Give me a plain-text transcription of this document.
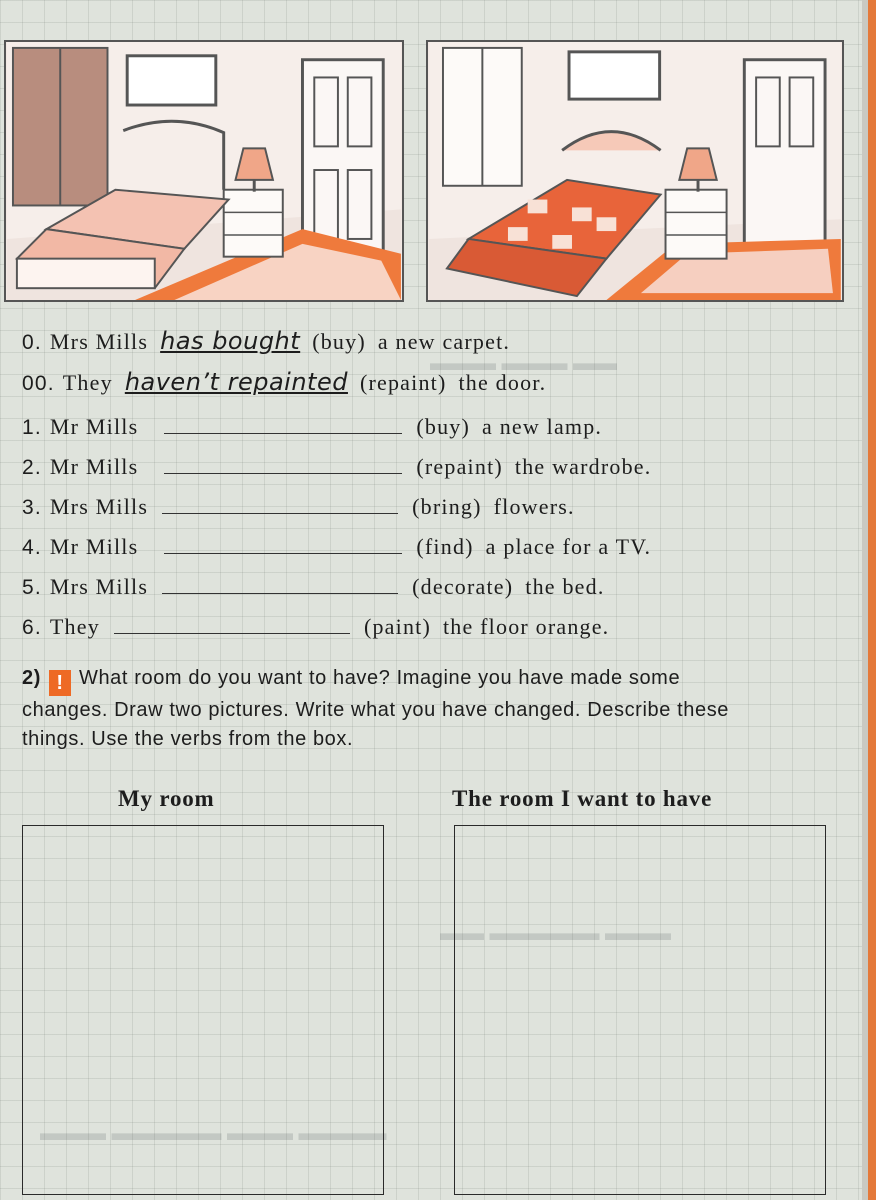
▬▬ ▬▬▬ ▬▬▬
▬▬▬ ▬▬▬▬▬ ▬▬
▬▬▬▬ ▬▬▬ ▬▬▬▬▬ ▬▬▬
0. Mrs Mills has bought (buy) a new carpet.
00. They haven’t repainted (repaint) the door.
1. Mr Mills	(buy) a new lamp.
2. Mr Mills	(repaint) the wardrobe.
3. Mrs Mills	(bring) flowers.
4. Mr Mills	(find) a place for a TV.
5. Mrs Mills	(decorate) the bed.
6. They	(paint) the floor orange.
2) ! What room do you want to have? Imagine you have made some changes. Draw two pictures. Write what you have changed. Describe these things. Use the verbs from the box.
My room	The room I want to have
